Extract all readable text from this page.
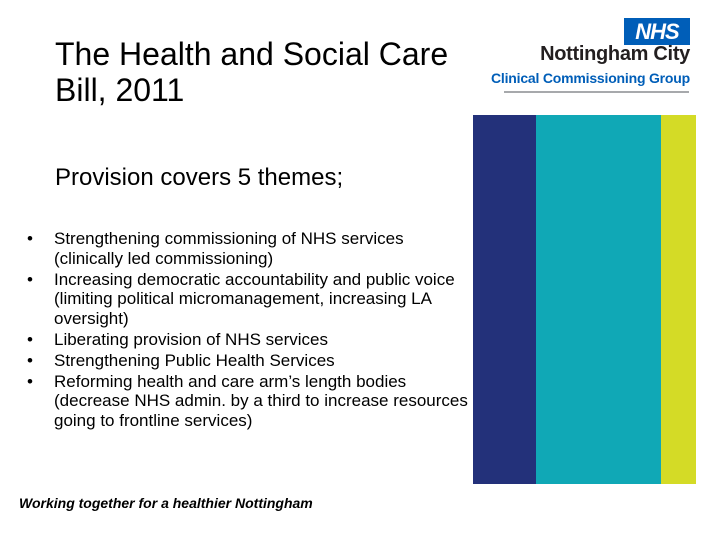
The Health and Social Care Bill, 2011
NHS
Nottingham City
Clinical Commissioning Group
Provision covers 5 themes;
• Strengthening commissioning of NHS services (clinically led commissioning)
• Increasing democratic accountability and public voice (limiting political micromanagement, increasing LA oversight)
• Liberating provision of NHS services
• Strengthening Public Health Services
• Reforming health and care arm’s length bodies (decrease NHS admin. by a third to increase resources going to frontline services)
Working together for a healthier Nottingham
